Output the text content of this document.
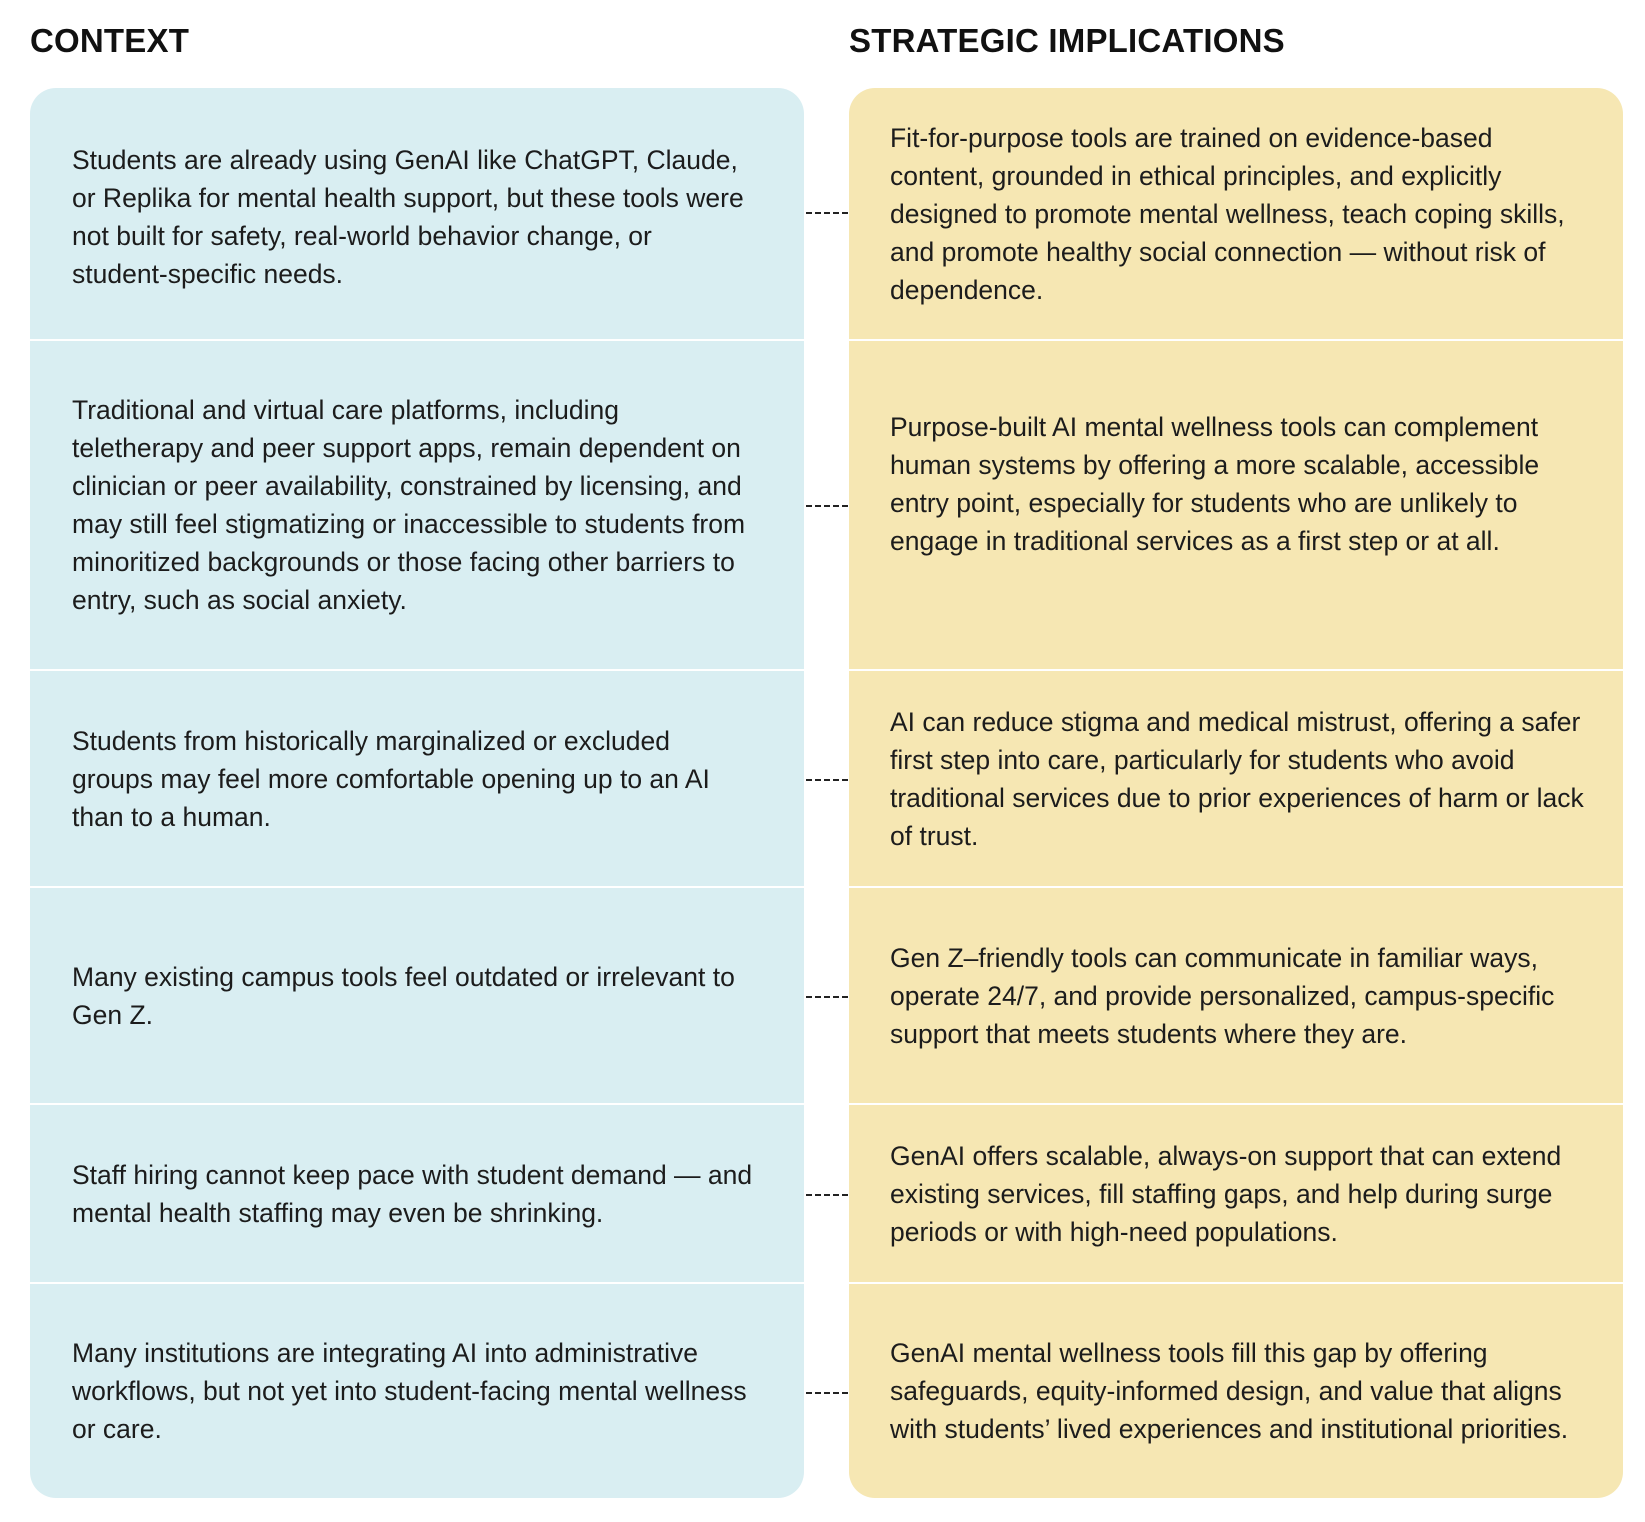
CONTEXT	STRATEGIC IMPLICATIONS

Students are already using GenAI like ChatGPT, Claude, or Replika for mental health support, but these tools were not built for safety, real-world behavior change, or student-specific needs.

Traditional and virtual care platforms, including teletherapy and peer support apps, remain dependent on clinician or peer availability, constrained by licensing, and may still feel stigmatizing or inaccessible to students from minoritized backgrounds or those facing other barriers to entry, such as social anxiety.

Students from historically marginalized or excluded groups may feel more comfortable opening up to an AI than to a human.

Many existing campus tools feel outdated or irrelevant to Gen Z.

Staff hiring cannot keep pace with student demand — and mental health staffing may even be shrinking.

Many institutions are integrating AI into administrative workflows, but not yet into student-facing mental wellness or care.

Fit-for-purpose tools are trained on evidence-based content, grounded in ethical principles, and explicitly designed to promote mental wellness, teach coping skills, and promote healthy social connection — without risk of dependence.

Purpose-built AI mental wellness tools can complement human systems by offering a more scalable, accessible entry point, especially for students who are unlikely to engage in traditional services as a first step or at all.

AI can reduce stigma and medical mistrust, offering a safer first step into care, particularly for students who avoid traditional services due to prior experiences of harm or lack of trust.

Gen Z–friendly tools can communicate in familiar ways, operate 24/7, and provide personalized, campus-specific support that meets students where they are.

GenAI offers scalable, always-on support that can extend existing services, fill staffing gaps, and help during surge periods or with high-need populations.

GenAI mental wellness tools fill this gap by offering safeguards, equity-informed design, and value that aligns with students’ lived experiences and institutional priorities.
